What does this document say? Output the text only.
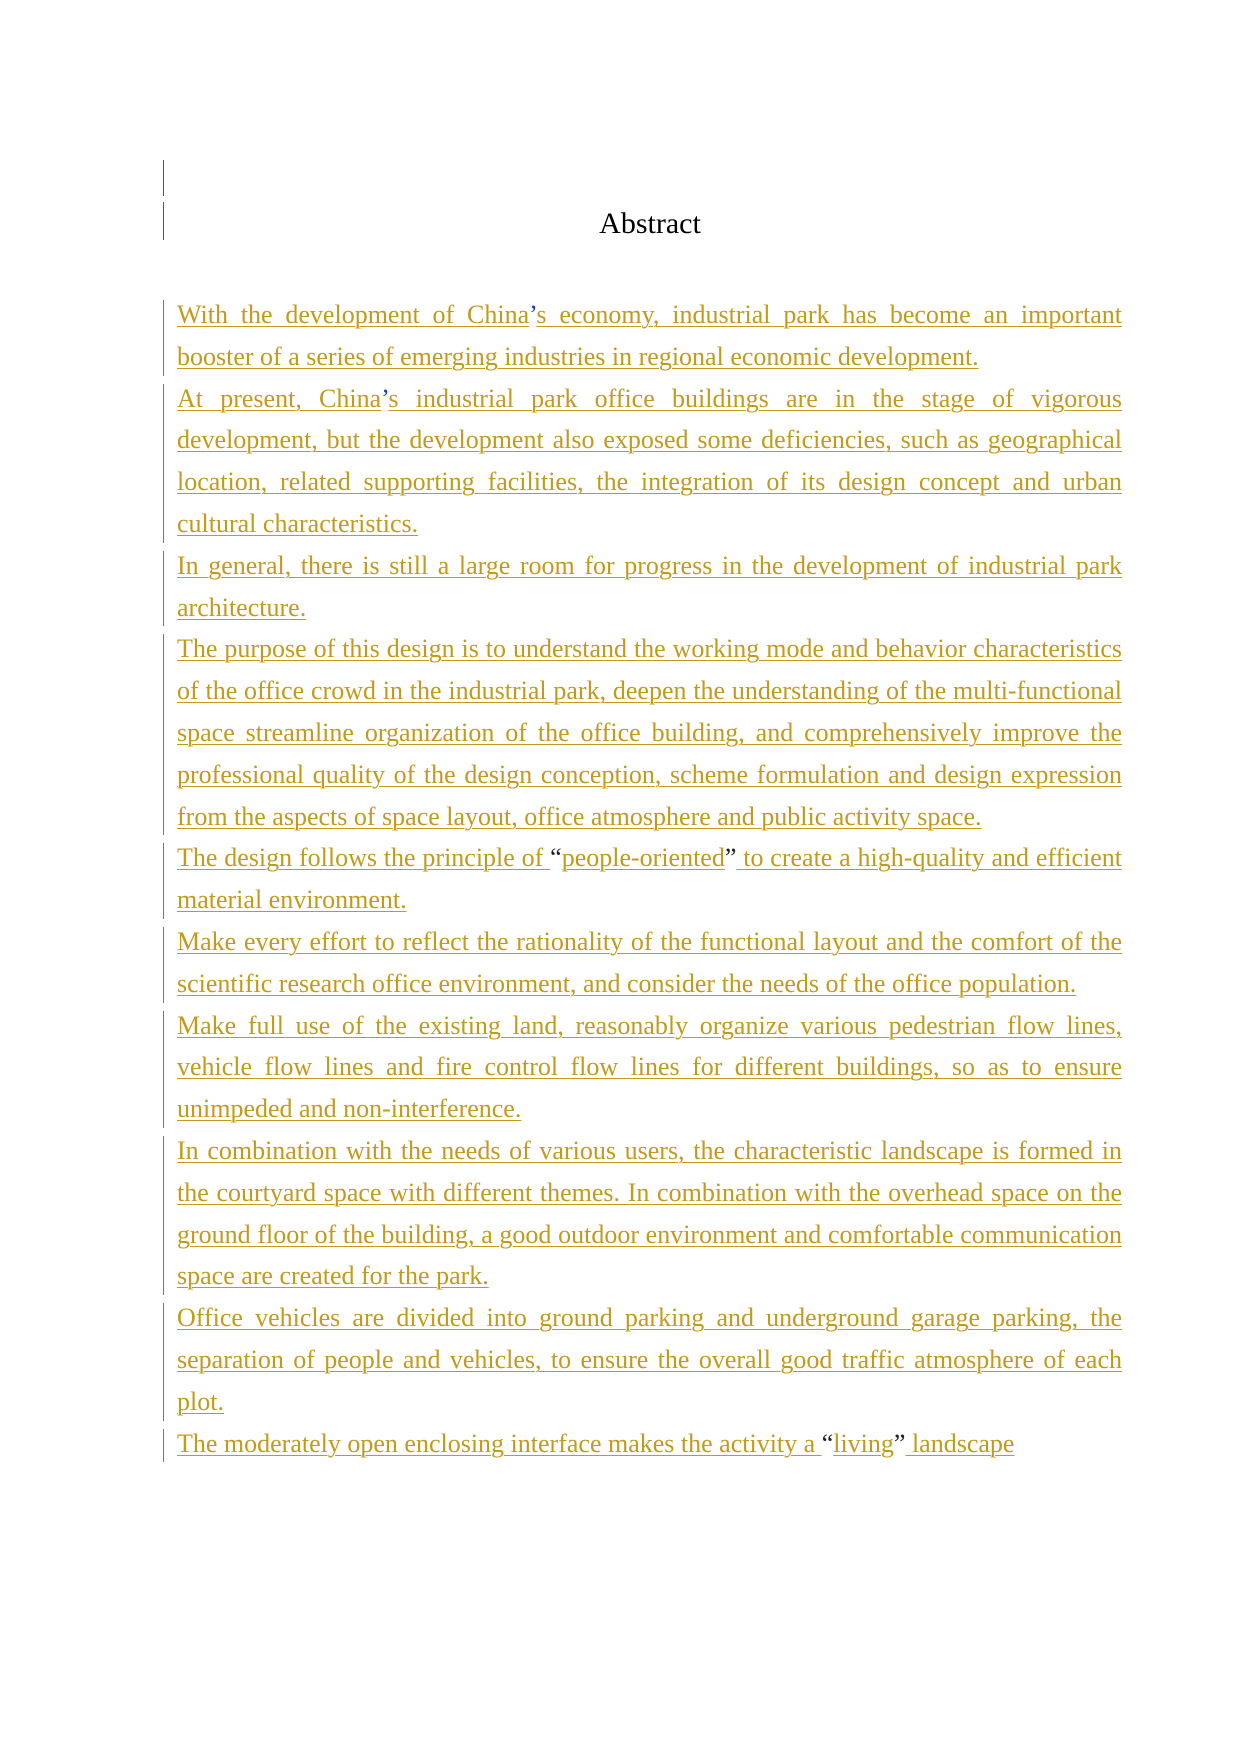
Abstract

With the development of China’s economy, industrial park has become an important booster of a series of emerging industries in regional economic development.

At present, China’s industrial park office buildings are in the stage of vigorous development, but the development also exposed some deficiencies, such as geographical location, related supporting facilities, the integration of its design concept and urban cultural characteristics.

In general, there is still a large room for progress in the development of industrial park architecture.

The purpose of this design is to understand the working mode and behavior characteristics of the office crowd in the industrial park, deepen the understanding of the multi-functional space streamline organization of the office building, and comprehensively improve the professional quality of the design conception, scheme formulation and design expression from the aspects of space layout, office atmosphere and public activity space.

The design follows the principle of “people-oriented” to create a high-quality and efficient material environment.

Make every effort to reflect the rationality of the functional layout and the comfort of the scientific research office environment, and consider the needs of the office population.

Make full use of the existing land, reasonably organize various pedestrian flow lines, vehicle flow lines and fire control flow lines for different buildings, so as to ensure unimpeded and non-interference.

In combination with the needs of various users, the characteristic landscape is formed in the courtyard space with different themes. In combination with the overhead space on the ground floor of the building, a good outdoor environment and comfortable communication space are created for the park.

Office vehicles are divided into ground parking and underground garage parking, the separation of people and vehicles, to ensure the overall good traffic atmosphere of each plot.

The moderately open enclosing interface makes the activity a “living” landscape
